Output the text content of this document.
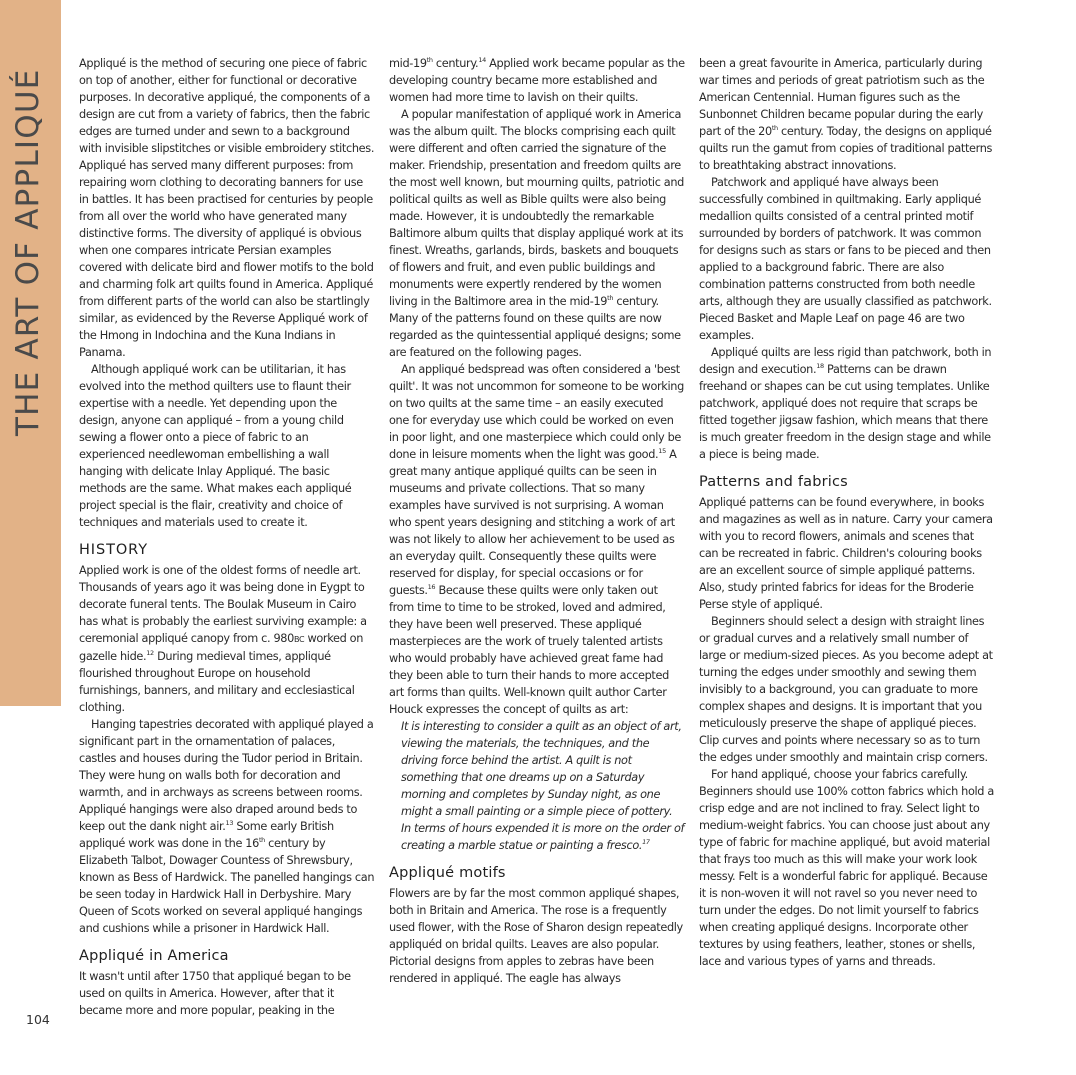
THE ART OF APPLIQUÉ
104

Appliqué is the method of securing one piece of fabric on top of another, either for functional or decorative purposes. In decorative appliqué, the components of a design are cut from a variety of fabrics, then the fabric edges are turned under and sewn to a background with invisible slipstitches or visible embroidery stitches. Appliqué has served many different purposes: from repairing worn clothing to decorating banners for use in battles. It has been practised for centuries by people from all over the world who have generated many distinctive forms. The diversity of appliqué is obvious when one compares intricate Persian examples covered with delicate bird and flower motifs to the bold and charming folk art quilts found in America. Appliqué from different parts of the world can also be startlingly similar, as evidenced by the Reverse Appliqué work of the Hmong in Indochina and the Kuna Indians in Panama.

Although appliqué work can be utilitarian, it has evolved into the method quilters use to flaunt their expertise with a needle. Yet depending upon the design, anyone can appliqué – from a young child sewing a flower onto a piece of fabric to an experienced needlewoman embellishing a wall hanging with delicate Inlay Appliqué. The basic methods are the same. What makes each appliqué project special is the flair, creativity and choice of techniques and materials used to create it.

HISTORY

Applied work is one of the oldest forms of needle art. Thousands of years ago it was being done in Eygpt to decorate funeral tents. The Boulak Museum in Cairo has what is probably the earliest surviving example: a ceremonial appliqué canopy from c. 980BC worked on gazelle hide.$^{12}$ During medieval times, appliqué flourished throughout Europe on household furnishings, banners, and military and ecclesiastical clothing.

Hanging tapestries decorated with appliqué played a significant part in the ornamentation of palaces, castles and houses during the Tudor period in Britain. They were hung on walls both for decoration and warmth, and in archways as screens between rooms. Appliqué hangings were also draped around beds to keep out the dank night air.$^{13}$ Some early British appliqué work was done in the 16th century by Elizabeth Talbot, Dowager Countess of Shrewsbury, known as Bess of Hardwick. The panelled hangings can be seen today in Hardwick Hall in Derbyshire. Mary Queen of Scots worked on several appliqué hangings and cushions while a prisoner in Hardwick Hall.

Appliqué in America

It wasn't until after 1750 that appliqué began to be used on quilts in America. However, after that it became more and more popular, peaking in the

mid-19th century.$^{14}$ Applied work became popular as the developing country became more established and women had more time to lavish on their quilts.

A popular manifestation of appliqué work in America was the album quilt. The blocks comprising each quilt were different and often carried the signature of the maker. Friendship, presentation and freedom quilts are the most well known, but mourning quilts, patriotic and political quilts as well as Bible quilts were also being made. However, it is undoubtedly the remarkable Baltimore album quilts that display appliqué work at its finest. Wreaths, garlands, birds, baskets and bouquets of flowers and fruit, and even public buildings and monuments were expertly rendered by the women living in the Baltimore area in the mid-19th century. Many of the patterns found on these quilts are now regarded as the quintessential appliqué designs; some are featured on the following pages.

An appliqué bedspread was often considered a 'best quilt'. It was not uncommon for someone to be working on two quilts at the same time – an easily executed one for everyday use which could be worked on even in poor light, and one masterpiece which could only be done in leisure moments when the light was good.$^{15}$ A great many antique appliqué quilts can be seen in museums and private collections. That so many examples have survived is not surprising. A woman who spent years designing and stitching a work of art was not likely to allow her achievement to be used as an everyday quilt. Consequently these quilts were reserved for display, for special occasions or for guests.$^{16}$ Because these quilts were only taken out from time to time to be stroked, loved and admired, they have been well preserved. These appliqué masterpieces are the work of truely talented artists who would probably have achieved great fame had they been able to turn their hands to more accepted art forms than quilts. Well-known quilt author Carter Houck expresses the concept of quilts as art:

It is interesting to consider a quilt as an object of art, viewing the materials, the techniques, and the driving force behind the artist. A quilt is not something that one dreams up on a Saturday morning and completes by Sunday night, as one might a small painting or a simple piece of pottery. In terms of hours expended it is more on the order of creating a marble statue or painting a fresco.$^{17}$

Appliqué motifs

Flowers are by far the most common appliqué shapes, both in Britain and America. The rose is a frequently used flower, with the Rose of Sharon design repeatedly appliquéd on bridal quilts. Leaves are also popular. Pictorial designs from apples to zebras have been rendered in appliqué. The eagle has always

been a great favourite in America, particularly during war times and periods of great patriotism such as the American Centennial. Human figures such as the Sunbonnet Children became popular during the early part of the 20th century. Today, the designs on appliqué quilts run the gamut from copies of traditional patterns to breathtaking abstract innovations.

Patchwork and appliqué have always been successfully combined in quiltmaking. Early appliqué medallion quilts consisted of a central printed motif surrounded by borders of patchwork. It was common for designs such as stars or fans to be pieced and then applied to a background fabric. There are also combination patterns constructed from both needle arts, although they are usually classified as patchwork. Pieced Basket and Maple Leaf on page 46 are two examples.

Appliqué quilts are less rigid than patchwork, both in design and execution.$^{18}$ Patterns can be drawn freehand or shapes can be cut using templates. Unlike patchwork, appliqué does not require that scraps be fitted together jigsaw fashion, which means that there is much greater freedom in the design stage and while a piece is being made.

Patterns and fabrics

Appliqué patterns can be found everywhere, in books and magazines as well as in nature. Carry your camera with you to record flowers, animals and scenes that can be recreated in fabric. Children's colouring books are an excellent source of simple appliqué patterns. Also, study printed fabrics for ideas for the Broderie Perse style of appliqué.

Beginners should select a design with straight lines or gradual curves and a relatively small number of large or medium-sized pieces. As you become adept at turning the edges under smoothly and sewing them invisibly to a background, you can graduate to more complex shapes and designs. It is important that you meticulously preserve the shape of appliqué pieces. Clip curves and points where necessary so as to turn the edges under smoothly and maintain crisp corners.

For hand appliqué, choose your fabrics carefully. Beginners should use 100% cotton fabrics which hold a crisp edge and are not inclined to fray. Select light to medium-weight fabrics. You can choose just about any type of fabric for machine appliqué, but avoid material that frays too much as this will make your work look messy. Felt is a wonderful fabric for appliqué. Because it is non-woven it will not ravel so you never need to turn under the edges. Do not limit yourself to fabrics when creating appliqué designs. Incorporate other textures by using feathers, leather, stones or shells, lace and various types of yarns and threads.
